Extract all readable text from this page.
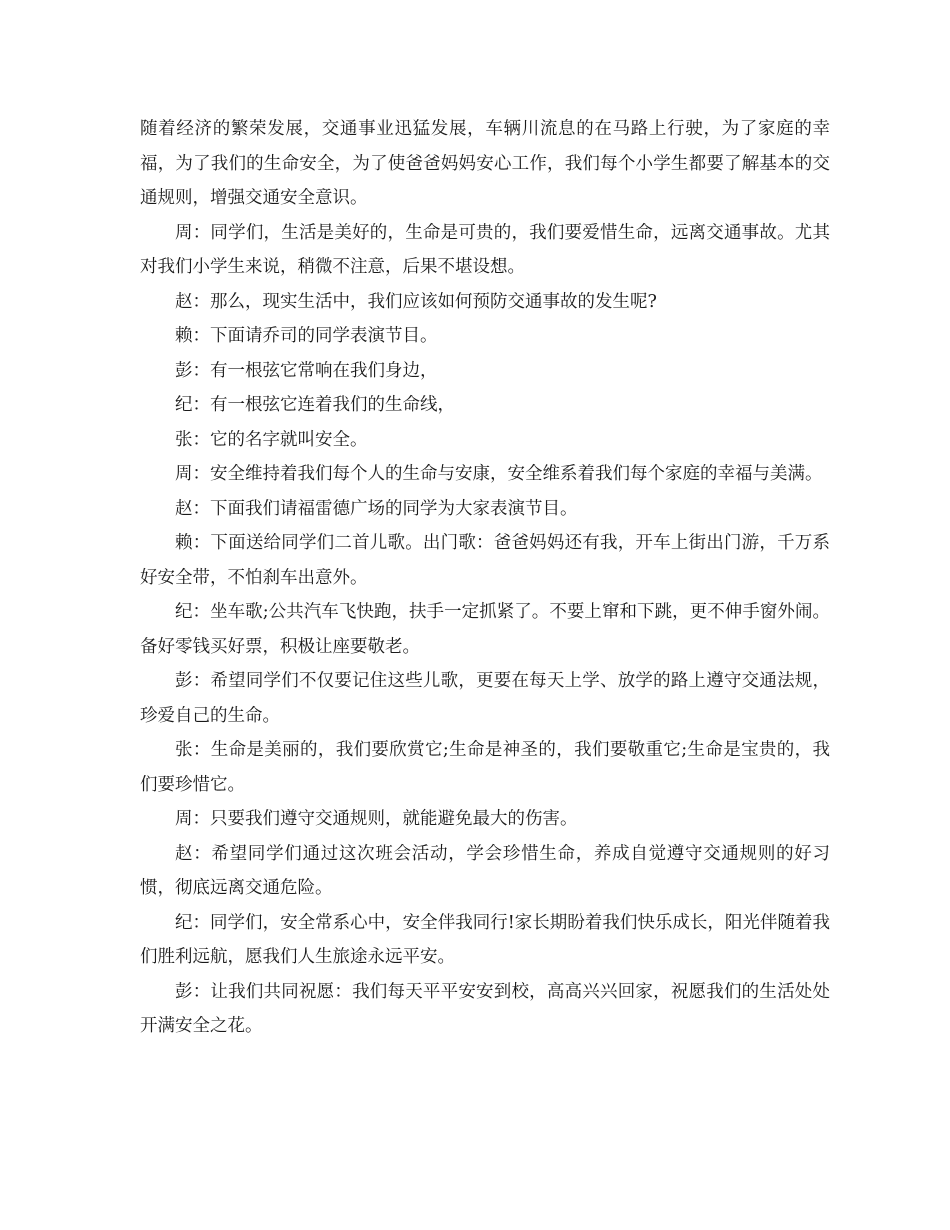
随着经济的繁荣发展，交通事业迅猛发展，车辆川流息的在马路上行驶，为了家庭的幸福，为了我们的生命安全，为了使爸爸妈妈安心工作，我们每个小学生都要了解基本的交通规则，增强交通安全意识。

周：同学们，生活是美好的，生命是可贵的，我们要爱惜生命，远离交通事故。尤其对我们小学生来说，稍微不注意，后果不堪设想。

赵：那么，现实生活中，我们应该如何预防交通事故的发生呢?

赖：下面请乔司的同学表演节目。

彭：有一根弦它常响在我们身边，

纪：有一根弦它连着我们的生命线，

张：它的名字就叫安全。

周：安全维持着我们每个人的生命与安康，安全维系着我们每个家庭的幸福与美满。

赵：下面我们请福雷德广场的同学为大家表演节目。

赖：下面送给同学们二首儿歌。出门歌：爸爸妈妈还有我，开车上街出门游，千万系好安全带，不怕刹车出意外。

纪：坐车歌;公共汽车飞快跑，扶手一定抓紧了。不要上窜和下跳，更不伸手窗外闹。备好零钱买好票，积极让座要敬老。

彭：希望同学们不仅要记住这些儿歌，更要在每天上学、放学的路上遵守交通法规，珍爱自己的生命。

张：生命是美丽的，我们要欣赏它;生命是神圣的，我们要敬重它;生命是宝贵的，我们要珍惜它。

周：只要我们遵守交通规则，就能避免最大的伤害。

赵：希望同学们通过这次班会活动，学会珍惜生命，养成自觉遵守交通规则的好习惯，彻底远离交通危险。

纪：同学们，安全常系心中，安全伴我同行!家长期盼着我们快乐成长，阳光伴随着我们胜利远航，愿我们人生旅途永远平安。

彭：让我们共同祝愿：我们每天平平安安到校，高高兴兴回家，祝愿我们的生活处处开满安全之花。
